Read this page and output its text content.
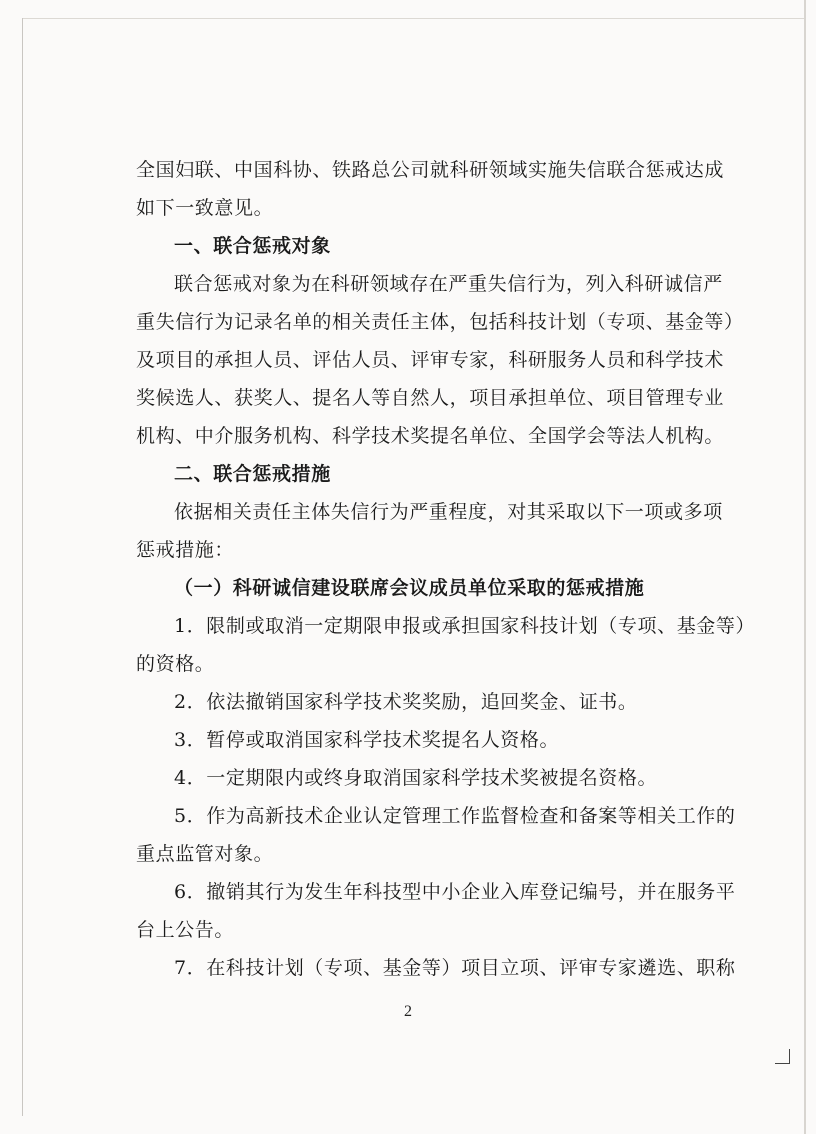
全国妇联、中国科协、铁路总公司就科研领域实施失信联合惩戒达成

如下一致意见。

一、联合惩戒对象

联合惩戒对象为在科研领域存在严重失信行为，列入科研诚信严

重失信行为记录名单的相关责任主体，包括科技计划（专项、基金等）

及项目的承担人员、评估人员、评审专家，科研服务人员和科学技术

奖候选人、获奖人、提名人等自然人，项目承担单位、项目管理专业

机构、中介服务机构、科学技术奖提名单位、全国学会等法人机构。

二、联合惩戒措施

依据相关责任主体失信行为严重程度，对其采取以下一项或多项

惩戒措施：

（一）科研诚信建设联席会议成员单位采取的惩戒措施

1．限制或取消一定期限申报或承担国家科技计划（专项、基金等）

的资格。

2．依法撤销国家科学技术奖奖励，追回奖金、证书。

3．暂停或取消国家科学技术奖提名人资格。

4．一定期限内或终身取消国家科学技术奖被提名资格。

5．作为高新技术企业认定管理工作监督检查和备案等相关工作的

重点监管对象。

6．撤销其行为发生年科技型中小企业入库登记编号，并在服务平

台上公告。

7．在科技计划（专项、基金等）项目立项、评审专家遴选、职称

2
